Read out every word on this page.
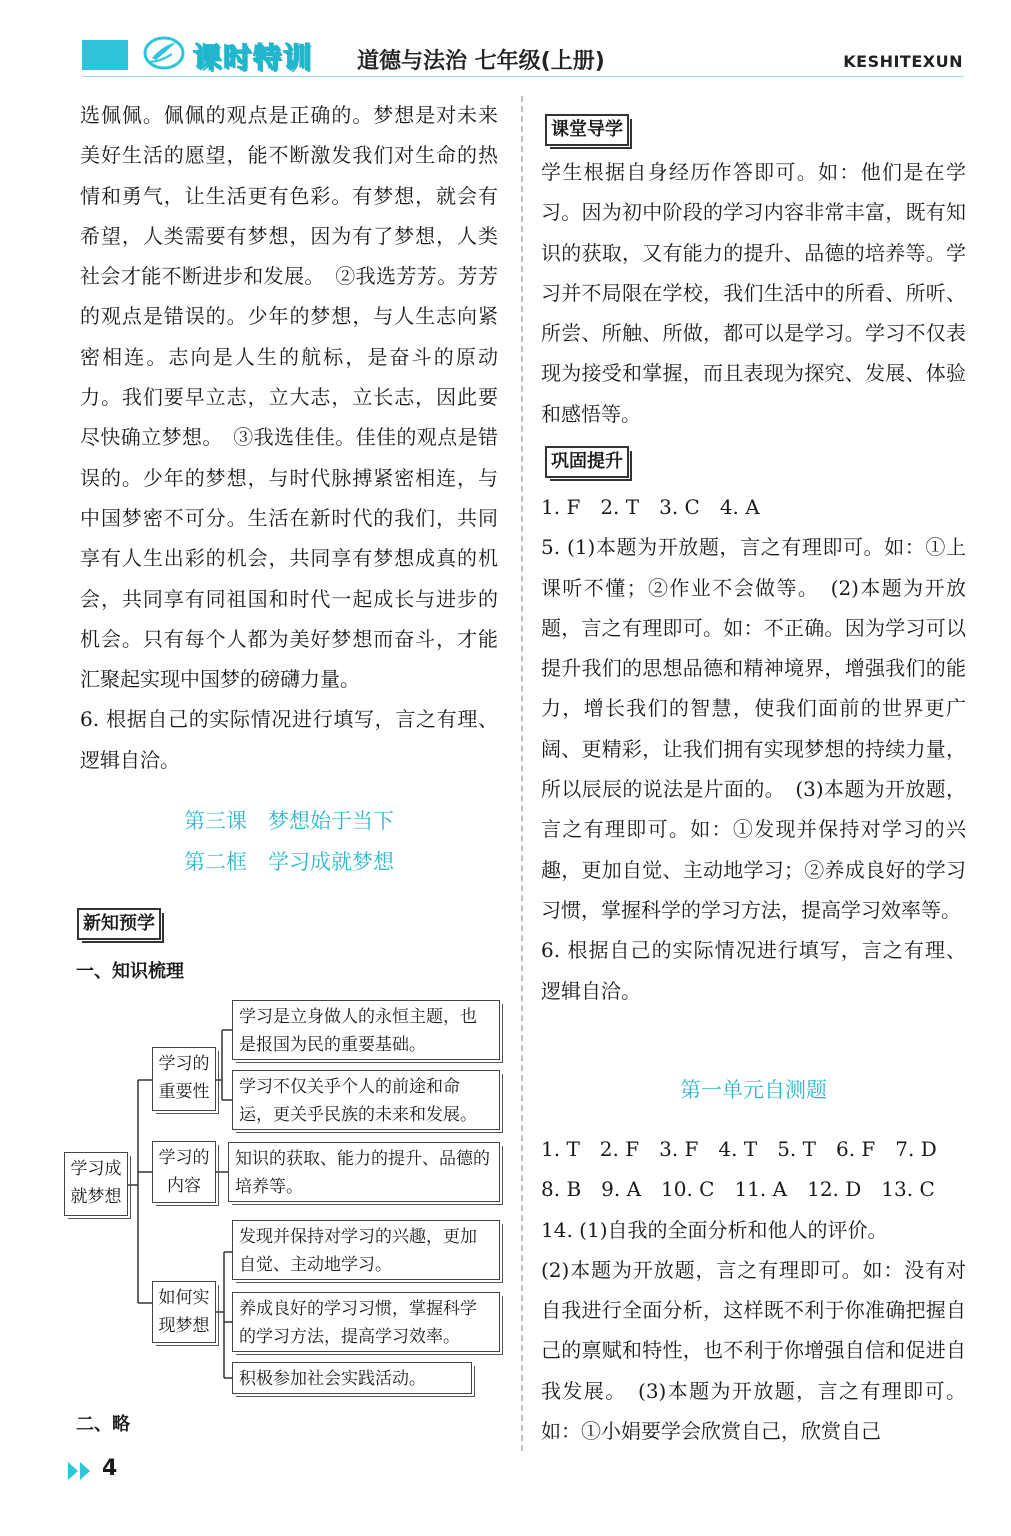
课时特训 道德与法治 七年级(上册)	KESHITEXUN

选佩佩。佩佩的观点是正确的。梦想是对未来美好生活的愿望，能不断激发我们对生命的热情和勇气，让生活更有色彩。有梦想，就会有希望，人类需要有梦想，因为有了梦想，人类社会才能不断进步和发展。　②我选芳芳。芳芳的观点是错误的。少年的梦想，与人生志向紧密相连。志向是人生的航标，是奋斗的原动力。我们要早立志，立大志，立长志，因此要尽快确立梦想。　③我选佳佳。佳佳的观点是错误的。少年的梦想，与时代脉搏紧密相连，与中国梦密不可分。生活在新时代的我们，共同享有人生出彩的机会，共同享有梦想成真的机会，共同享有同祖国和时代一起成长与进步的机会。只有每个人都为美好梦想而奋斗，才能汇聚起实现中国梦的磅礴力量。

6. 根据自己的实际情况进行填写，言之有理、逻辑自洽。

第三课　梦想始于当下
第二框　学习成就梦想
新知预学
一、知识梳理
学习成就梦想
学习的重要性
学习的内容
如何实现梦想
学习是立身做人的永恒主题，也是报国为民的重要基础。
学习不仅关乎个人的前途和命运，更关乎民族的未来和发展。
知识的获取、能力的提升、品德的培养等。
发现并保持对学习的兴趣，更加自觉、主动地学习。
养成良好的学习习惯，掌握科学的学习方法，提高学习效率。
积极参加社会实践活动。
二、略
课堂导学

学生根据自身经历作答即可。如：他们是在学习。因为初中阶段的学习内容非常丰富，既有知识的获取，又有能力的提升、品德的培养等。学习并不局限在学校，我们生活中的所看、所听、所尝、所触、所做，都可以是学习。学习不仅表现为接受和掌握，而且表现为探究、发展、体验和感悟等。

巩固提升

1. F　2. T　3. C　4. A

5. (1)本题为开放题，言之有理即可。如：①上课听不懂；②作业不会做等。　(2)本题为开放题，言之有理即可。如：不正确。因为学习可以提升我们的思想品德和精神境界，增强我们的能力，增长我们的智慧，使我们面前的世界更广阔、更精彩，让我们拥有实现梦想的持续力量，所以辰辰的说法是片面的。　(3)本题为开放题，言之有理即可。如：①发现并保持对学习的兴趣，更加自觉、主动地学习；②养成良好的学习习惯，掌握科学的学习方法，提高学习效率等。

6. 根据自己的实际情况进行填写，言之有理、逻辑自洽。

第一单元自测题

1. T　2. F　3. F　4. T　5. T　6. F　7. D

8. B　9. A　10. C　11. A　12. D　13. C

14. (1)自我的全面分析和他人的评价。

(2)本题为开放题，言之有理即可。如：没有对自我进行全面分析，这样既不利于你准确把握自己的禀赋和特性，也不利于你增强自信和促进自我发展。　(3)本题为开放题，言之有理即可。如：①小娟要学会欣赏自己，欣赏自己

4
